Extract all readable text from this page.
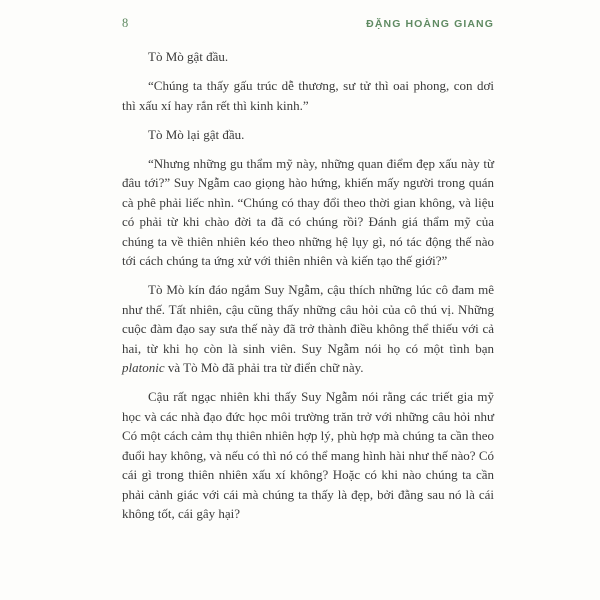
8	ĐẶNG HOÀNG GIANG

Tò Mò gật đầu.

“Chúng ta thấy gấu trúc dễ thương, sư tử thì oai phong, con dơi thì xấu xí hay rắn rết thì kinh kinh.”

Tò Mò lại gật đầu.

“Nhưng những gu thẩm mỹ này, những quan điểm đẹp xấu này từ đâu tới?” Suy Ngẫm cao giọng hào hứng, khiến mấy người trong quán cà phê phải liếc nhìn. “Chúng có thay đổi theo thời gian không, và liệu có phải từ khi chào đời ta đã có chúng rồi? Đánh giá thẩm mỹ của chúng ta về thiên nhiên kéo theo những hệ lụy gì, nó tác động thế nào tới cách chúng ta ứng xử với thiên nhiên và kiến tạo thế giới?”

Tò Mò kín đáo ngắm Suy Ngẫm, cậu thích những lúc cô đam mê như thế. Tất nhiên, cậu cũng thấy những câu hỏi của cô thú vị. Những cuộc đàm đạo say sưa thế này đã trở thành điều không thể thiếu với cả hai, từ khi họ còn là sinh viên. Suy Ngẫm nói họ có một tình bạn platonic và Tò Mò đã phải tra từ điển chữ này.

Cậu rất ngạc nhiên khi thấy Suy Ngẫm nói rằng các triết gia mỹ học và các nhà đạo đức học môi trường trăn trở với những câu hỏi như Có một cách cảm thụ thiên nhiên hợp lý, phù hợp mà chúng ta cần theo đuổi hay không, và nếu có thì nó có thể mang hình hài như thế nào? Có cái gì trong thiên nhiên xấu xí không? Hoặc có khi nào chúng ta cần phải cảnh giác với cái mà chúng ta thấy là đẹp, bởi đằng sau nó là cái không tốt, cái gây hại?
